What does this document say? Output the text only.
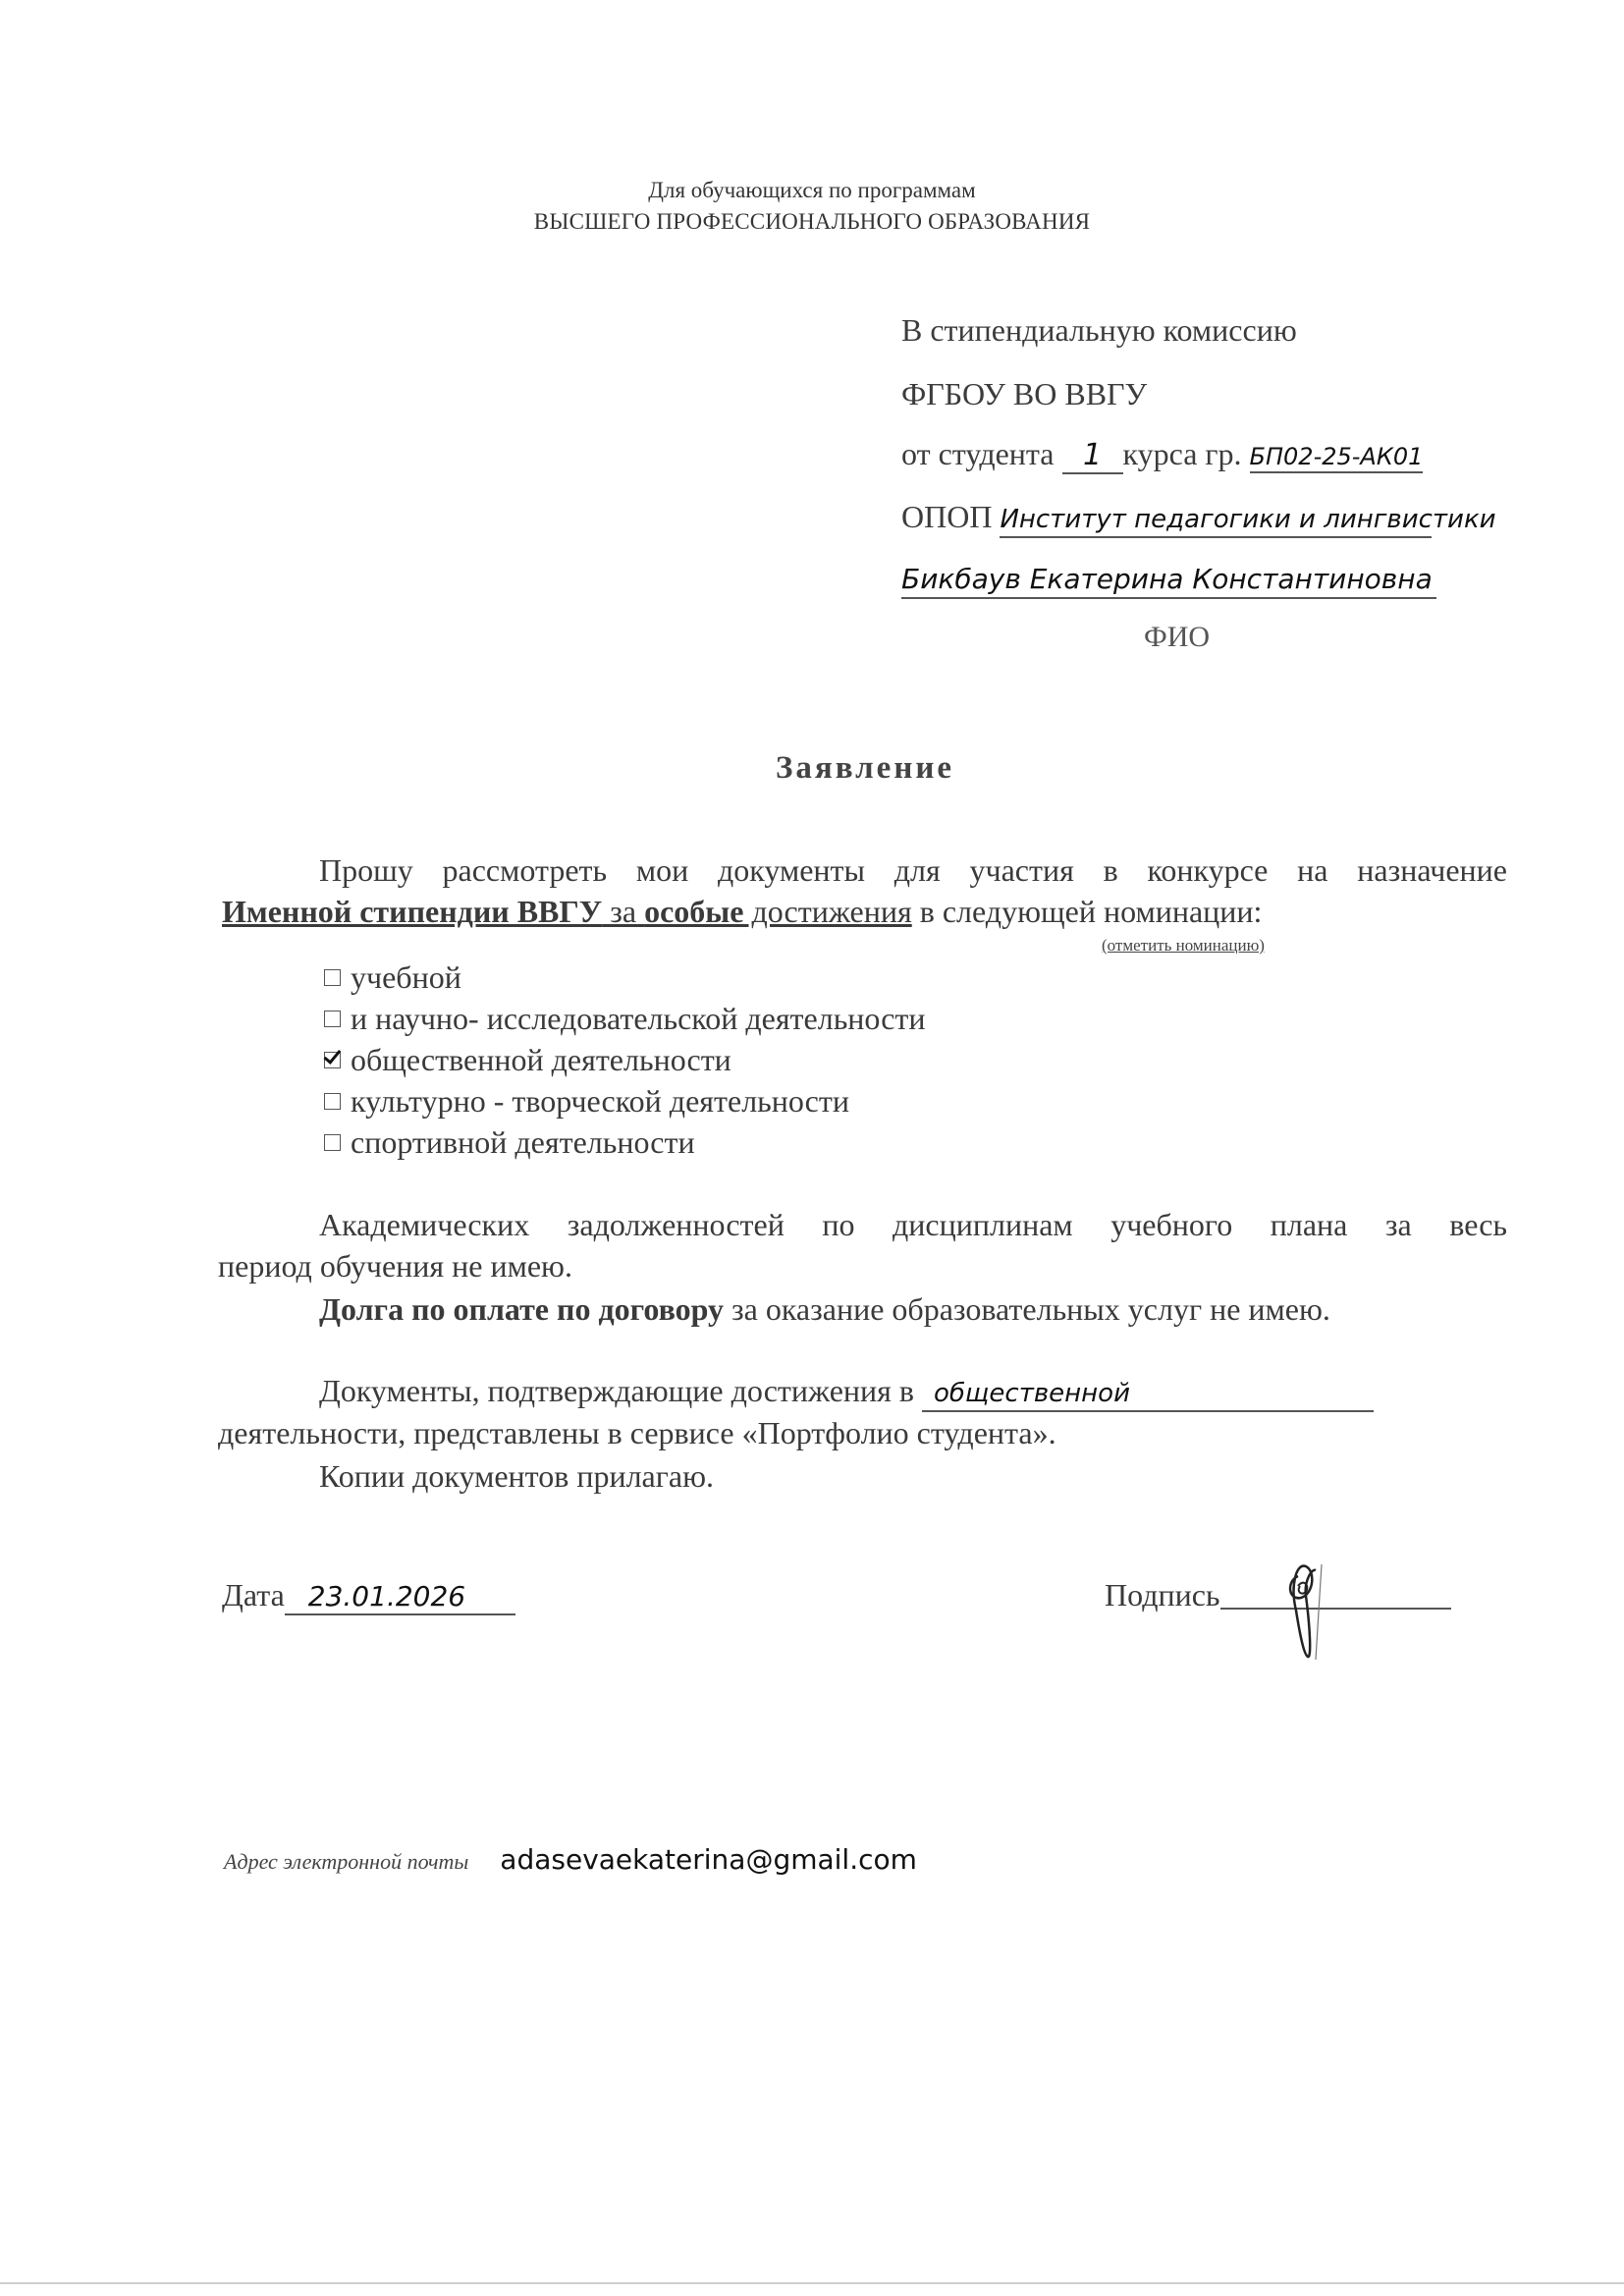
Для обучающихся по программам
ВЫСШЕГО ПРОФЕССИОНАЛЬНОГО ОБРАЗОВАНИЯ
В стипендиальную комиссию
ФГБОУ ВО ВВГУ
от студента 1 курса гр. БП02-25-АК01
ОПОП Институт педагогики и лингвистики
Бикбаув Екатерина Константиновна
ФИО
Заявление
Прошу рассмотреть мои документы для участия в конкурсе на назначение
Именной стипендии ВВГУ за особые достижения в следующей номинации:
(отметить номинацию)
учебной
и научно- исследовательской деятельности
общественной деятельности
культурно - творческой деятельности
спортивной деятельности
Академических задолженностей по дисциплинам учебного плана за весь
период обучения не имею.
Долга по оплате по договору за оказание образовательных услуг не имею.
Документы, подтверждающие достижения в общественной
деятельности, представлены в сервисе «Портфолио студента».
Копии документов прилагаю.
Дата 23.01.2026	Подпись
Адрес электронной почты adasevaekaterina@gmail.com
